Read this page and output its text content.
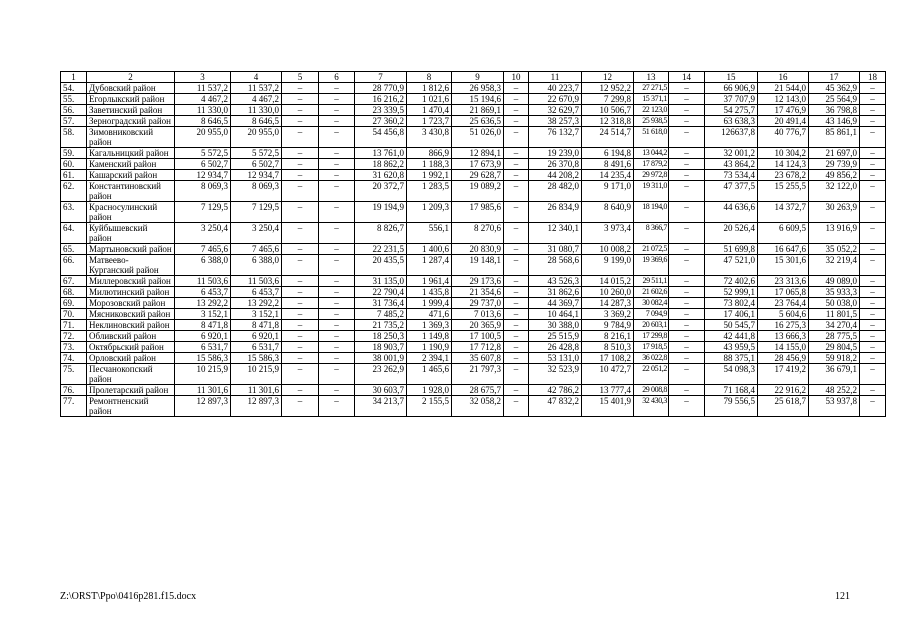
1	2	3	4	5	6	7	8	9	10	11	12	13	14	15	16	17	18
54.	Дубовский район	11 537,2	11 537,2	–	–	28 770,9	1 812,6	26 958,3	–	40 223,7	12 952,2	27 271,5	–	66 906,9	21 544,0	45 362,9	–
55.	Егорлыкский район	4 467,2	4 467,2	–	–	16 216,2	1 021,6	15 194,6	–	22 670,9	7 299,8	15 371,1	–	37 707,9	12 143,0	25 564,9	–
56.	Заветинский район	11 330,0	11 330,0	–	–	23 339,5	1 470,4	21 869,1	–	32 629,7	10 506,7	22 123,0	–	54 275,7	17 476,9	36 798,8	–
57.	Зерноградский район	8 646,5	8 646,5	–	–	27 360,2	1 723,7	25 636,5	–	38 257,3	12 318,8	25 938,5	–	63 638,3	20 491,4	43 146,9	–
58.	Зимовниковский район	20 955,0	20 955,0	–	–	54 456,8	3 430,8	51 026,0	–	76 132,7	24 514,7	51 618,0	–	126637,8	40 776,7	85 861,1	–
59.	Кагальницкий район	5 572,5	5 572,5	–	–	13 761,0	866,9	12 894,1	–	19 239,0	6 194,8	13 044,2	–	32 001,2	10 304,2	21 697,0	–
60.	Каменский район	6 502,7	6 502,7	–	–	18 862,2	1 188,3	17 673,9	–	26 370,8	8 491,6	17 879,2	–	43 864,2	14 124,3	29 739,9	–
61.	Кашарский район	12 934,7	12 934,7	–	–	31 620,8	1 992,1	29 628,7	–	44 208,2	14 235,4	29 972,8	–	73 534,4	23 678,2	49 856,2	–
62.	Константиновский район	8 069,3	8 069,3	–	–	20 372,7	1 283,5	19 089,2	–	28 482,0	9 171,0	19 311,0	–	47 377,5	15 255,5	32 122,0	–
63.	Красносулинский район	7 129,5	7 129,5	–	–	19 194,9	1 209,3	17 985,6	–	26 834,9	8 640,9	18 194,0	–	44 636,6	14 372,7	30 263,9	–
64.	Куйбышевский район	3 250,4	3 250,4	–	–	8 826,7	556,1	8 270,6	–	12 340,1	3 973,4	8 366,7	–	20 526,4	6 609,5	13 916,9	–
65.	Мартыновский район	7 465,6	7 465,6	–	–	22 231,5	1 400,6	20 830,9	–	31 080,7	10 008,2	21 072,5	–	51 699,8	16 647,6	35 052,2	–
66.	Матвеево-Курганский район	6 388,0	6 388,0	–	–	20 435,5	1 287,4	19 148,1	–	28 568,6	9 199,0	19 369,6	–	47 521,0	15 301,6	32 219,4	–
67.	Миллеровский район	11 503,6	11 503,6	–	–	31 135,0	1 961,4	29 173,6	–	43 526,3	14 015,2	29 511,1	–	72 402,6	23 313,6	49 089,0	–
68.	Милютинский район	6 453,7	6 453,7	–	–	22 790,4	1 435,8	21 354,6	–	31 862,6	10 260,0	21 602,6	–	52 999,1	17 065,8	35 933,3	–
69.	Морозовский район	13 292,2	13 292,2	–	–	31 736,4	1 999,4	29 737,0	–	44 369,7	14 287,3	30 082,4	–	73 802,4	23 764,4	50 038,0	–
70.	Мясниковский район	3 152,1	3 152,1	–	–	7 485,2	471,6	7 013,6	–	10 464,1	3 369,2	7 094,9	–	17 406,1	5 604,6	11 801,5	–
71.	Неклиновский район	8 471,8	8 471,8	–	–	21 735,2	1 369,3	20 365,9	–	30 388,0	9 784,9	20 603,1	–	50 545,7	16 275,3	34 270,4	–
72.	Обливский район	6 920,1	6 920,1	–	–	18 250,3	1 149,8	17 100,5	–	25 515,9	8 216,1	17 299,8	–	42 441,8	13 666,3	28 775,5	–
73.	Октябрьский район	6 531,7	6 531,7	–	–	18 903,7	1 190,9	17 712,8	–	26 428,8	8 510,3	17 918,5	–	43 959,5	14 155,0	29 804,5	–
74.	Орловский район	15 586,3	15 586,3	–	–	38 001,9	2 394,1	35 607,8	–	53 131,0	17 108,2	36 022,8	–	88 375,1	28 456,9	59 918,2	–
75.	Песчанокопский район	10 215,9	10 215,9	–	–	23 262,9	1 465,6	21 797,3	–	32 523,9	10 472,7	22 051,2	–	54 098,3	17 419,2	36 679,1	–
76.	Пролетарский район	11 301,6	11 301,6	–	–	30 603,7	1 928,0	28 675,7	–	42 786,2	13 777,4	29 008,8	–	71 168,4	22 916,2	48 252,2	–
77.	Ремонтненский район	12 897,3	12 897,3	–	–	34 213,7	2 155,5	32 058,2	–	47 832,2	15 401,9	32 430,3	–	79 556,5	25 618,7	53 937,8	–
Z:\ORST\Ppo\0416p281.f15.docx	121
